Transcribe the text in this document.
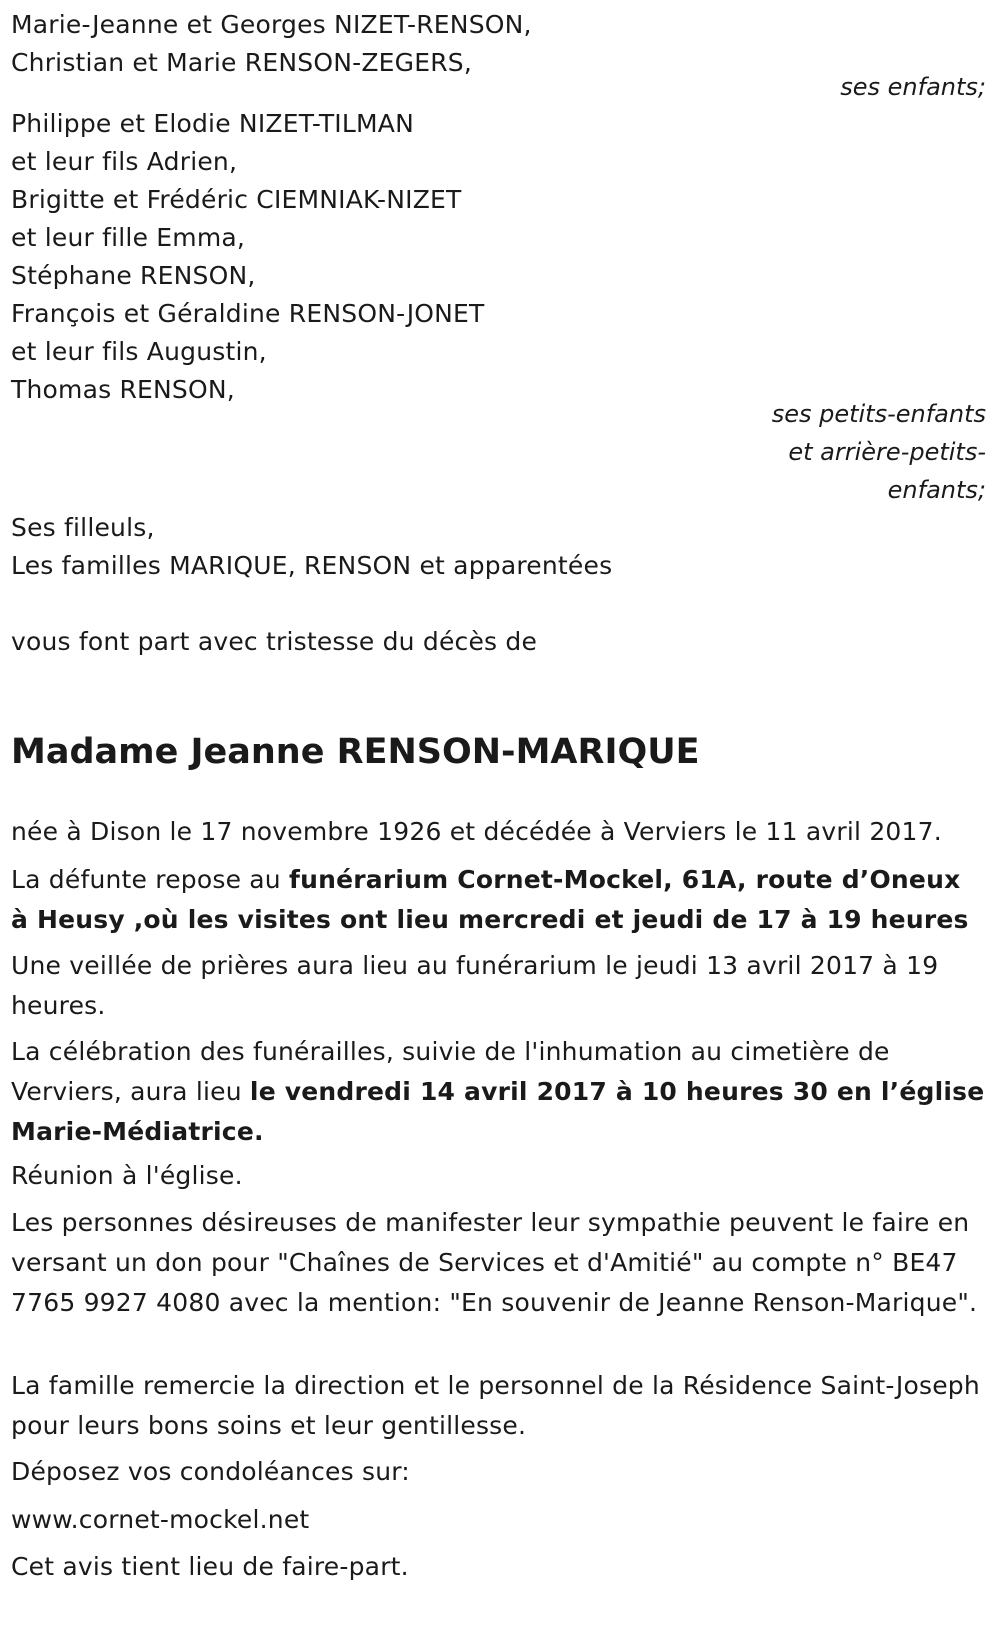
Marie-Jeanne et Georges NIZET-RENSON,
Christian et Marie RENSON-ZEGERS,
ses enfants;
Philippe et Elodie NIZET-TILMAN
et leur fils Adrien,
Brigitte et Frédéric CIEMNIAK-NIZET
et leur fille Emma,
Stéphane RENSON,
François et Géraldine RENSON-JONET
et leur fils Augustin,
Thomas RENSON,
ses petits-enfants
et arrière-petits-
enfants;
Ses filleuls,
Les familles MARIQUE, RENSON et apparentées
vous font part avec tristesse du décès de
Madame Jeanne RENSON-MARIQUE
née à Dison le 17 novembre 1926 et décédée à Verviers le 11 avril 2017.
La défunte repose au funérarium Cornet-Mockel, 61A, route d’Oneux à Heusy ,où les visites ont lieu mercredi et jeudi de 17 à 19 heures
Une veillée de prières aura lieu au funérarium le jeudi 13 avril 2017 à 19 heures.
La célébration des funérailles, suivie de l'inhumation au cimetière de Verviers, aura lieu le vendredi 14 avril 2017 à 10 heures 30 en l’église Marie-Médiatrice.
Réunion à l'église.
Les personnes désireuses de manifester leur sympathie peuvent le faire en versant un don pour "Chaînes de Services et d'Amitié" au compte n° BE47 7765 9927 4080 avec la mention: "En souvenir de Jeanne Renson-Marique".
La famille remercie la direction et le personnel de la Résidence Saint-Joseph pour leurs bons soins et leur gentillesse.
Déposez vos condoléances sur:
www.cornet-mockel.net
Cet avis tient lieu de faire-part.
